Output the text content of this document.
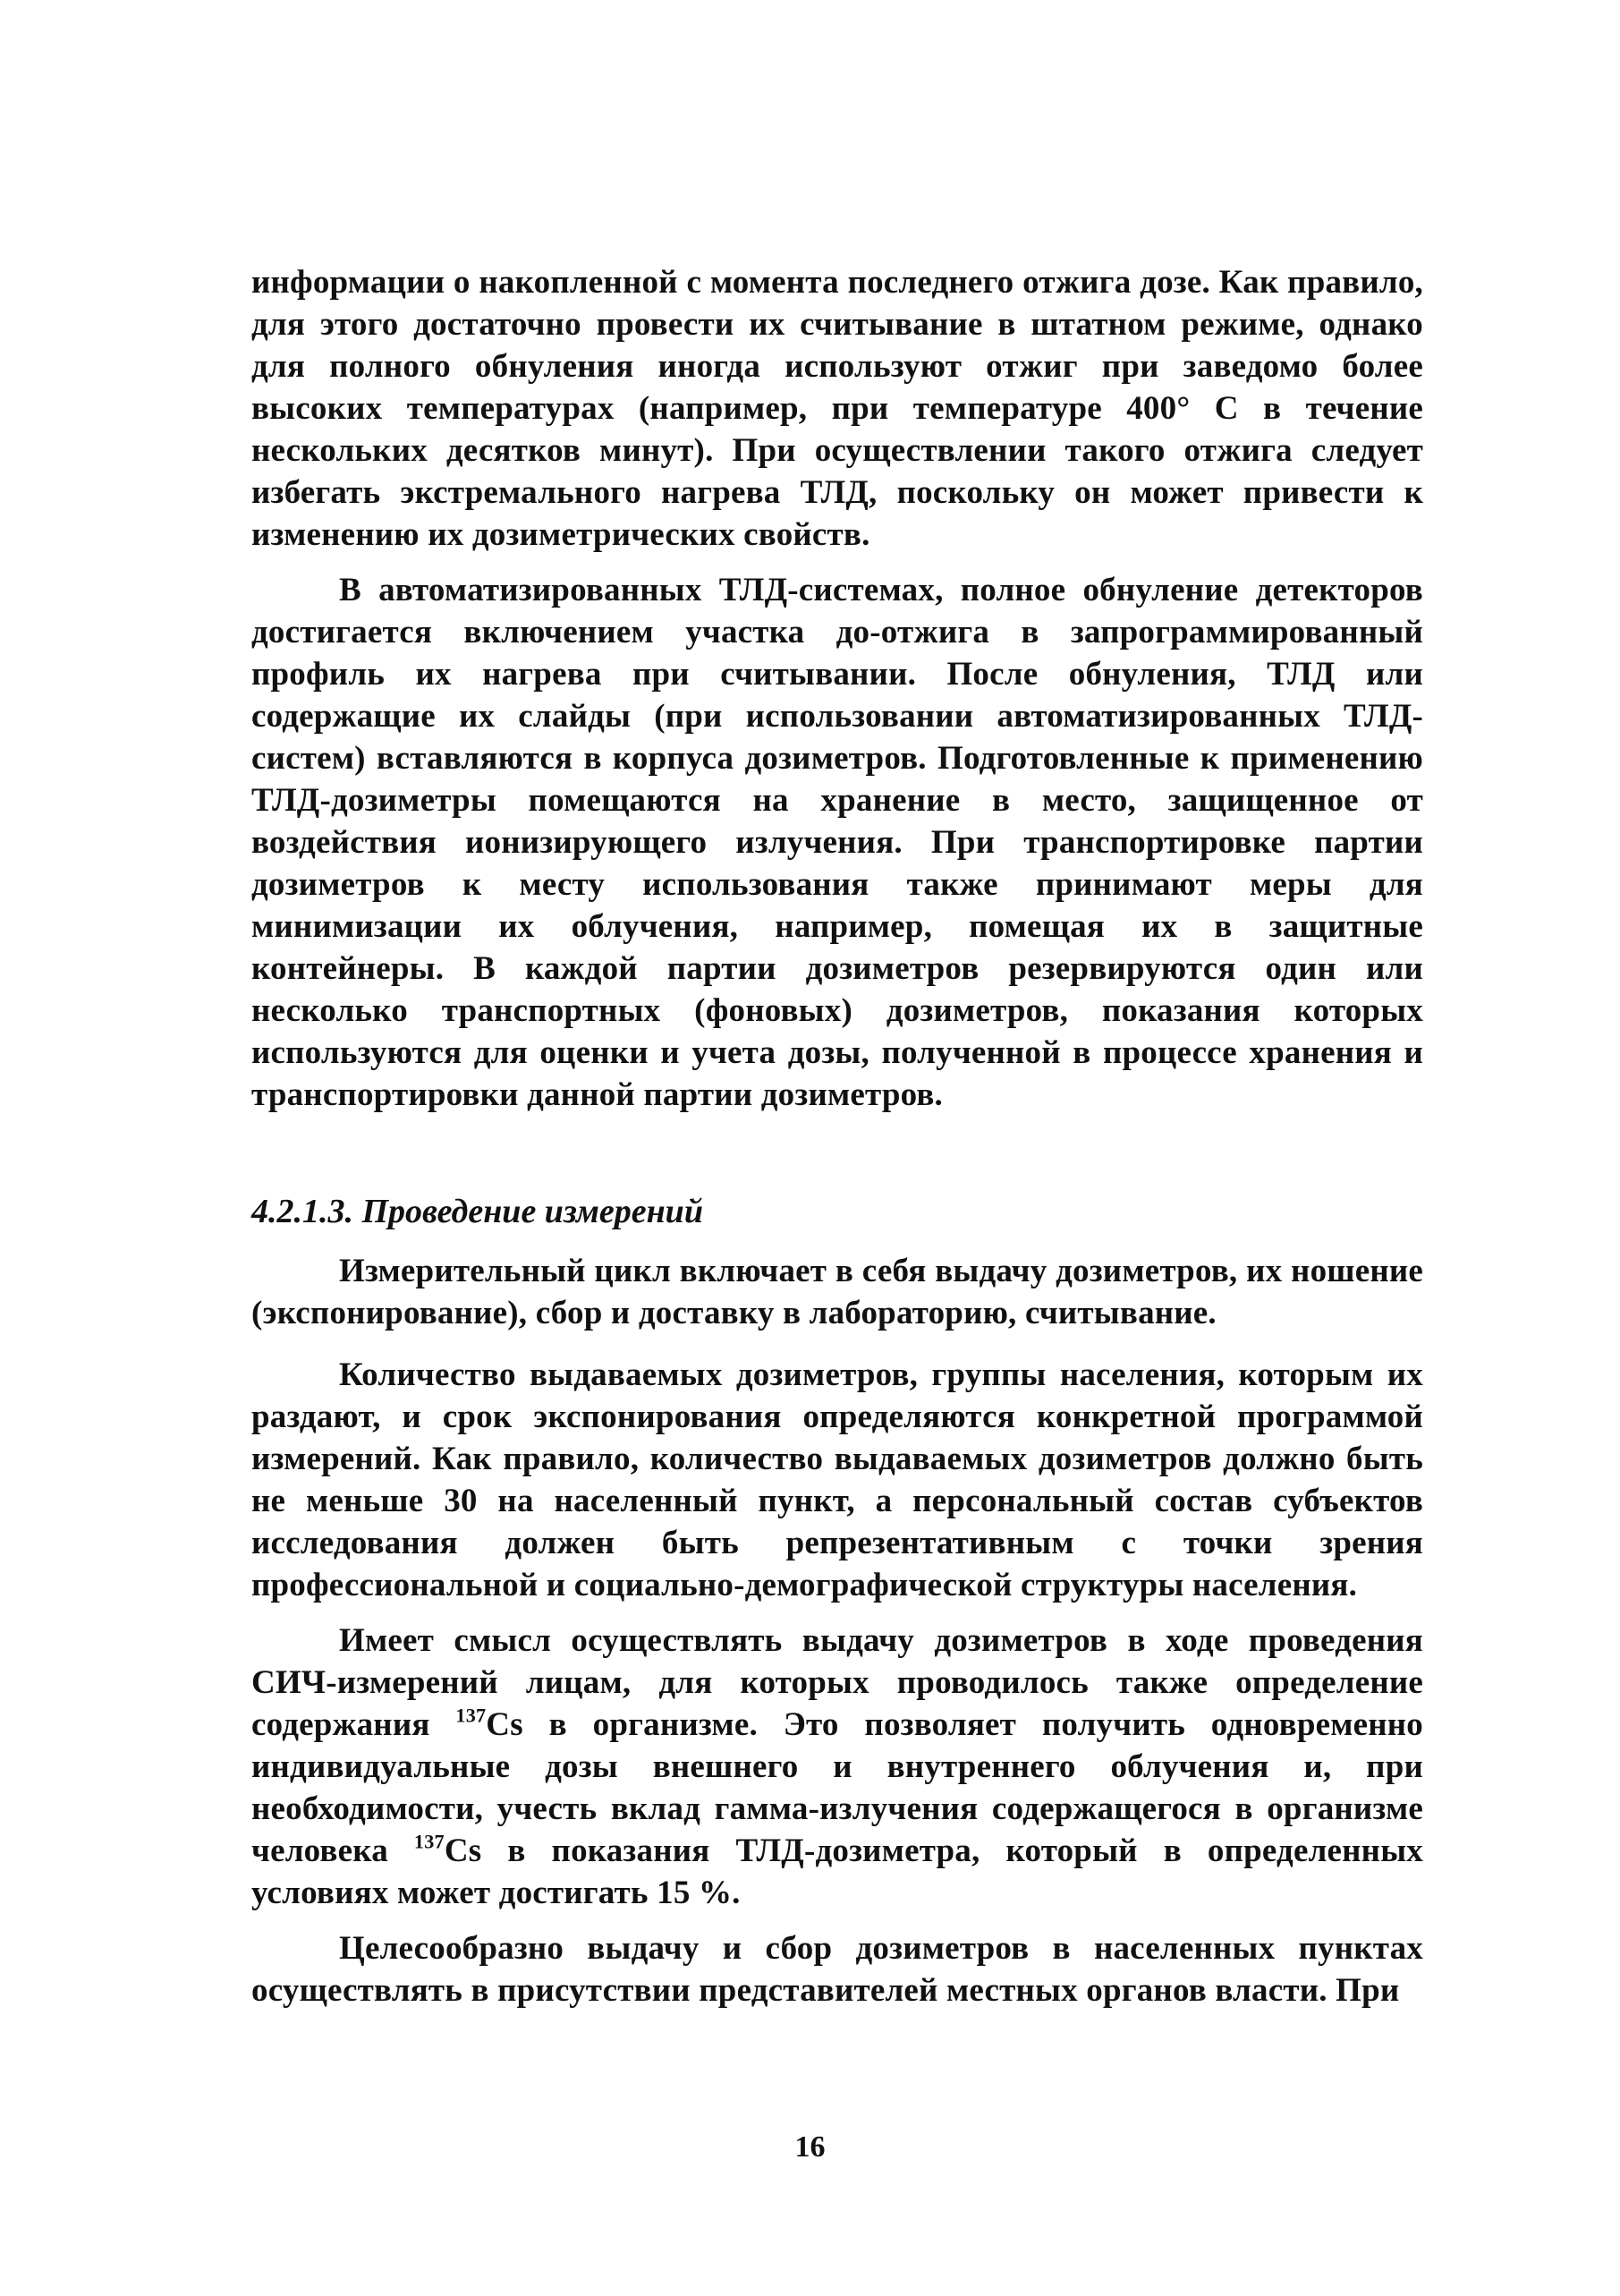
информации о накопленной с момента последнего отжига дозе. Как правило, для этого достаточно провести их считывание в штатном режиме, однако для полного обнуления иногда используют отжиг при заведомо более высоких температурах (например, при температуре 400° С в течение нескольких десятков минут). При осуществлении такого отжига следует избегать экстремального нагрева ТЛД, поскольку он может привести к изменению их дозиметрических свойств.

В автоматизированных ТЛД-системах, полное обнуление детекторов достигается включением участка до-отжига в запрограммированный профиль их нагрева при считывании. После обнуления, ТЛД или содержащие их слайды (при использовании автоматизированных ТЛД-систем) вставляются в корпуса дозиметров. Подготовленные к применению ТЛД-дозиметры помещаются на хранение в место, защищенное от воздействия ионизирующего излучения. При транспортировке партии дозиметров к месту использования также принимают меры для минимизации их облучения, например, помещая их в защитные контейнеры. В каждой партии дозиметров резервируются один или несколько транспортных (фоновых) дозиметров, показания которых используются для оценки и учета дозы, полученной в процессе хранения и транспортировки данной партии дозиметров.

4.2.1.3. Проведение измерений

Измерительный цикл включает в себя выдачу дозиметров, их ношение (экспонирование), сбор и доставку в лабораторию, считывание.

Количество выдаваемых дозиметров, группы населения, которым их раздают, и срок экспонирования определяются конкретной программой измерений. Как правило, количество выдаваемых дозиметров должно быть не меньше 30 на населенный пункт, а персональный состав субъектов исследования должен быть репрезентативным с точки зрения профессиональной и социально-демографической структуры населения.

Имеет смысл осуществлять выдачу дозиметров в ходе проведения СИЧ-измерений лицам, для которых проводилось также определение содержания $^{137}$Cs в организме. Это позволяет получить одновременно индивидуальные дозы внешнего и внутреннего облучения и, при необходимости, учесть вклад гамма-излучения содержащегося в организме человека $^{137}$Cs в показания ТЛД-дозиметра, который в определенных условиях может достигать 15 %.

Целесообразно выдачу и сбор дозиметров в населенных пунктах осуществлять в присутствии представителей местных органов власти. При

16
